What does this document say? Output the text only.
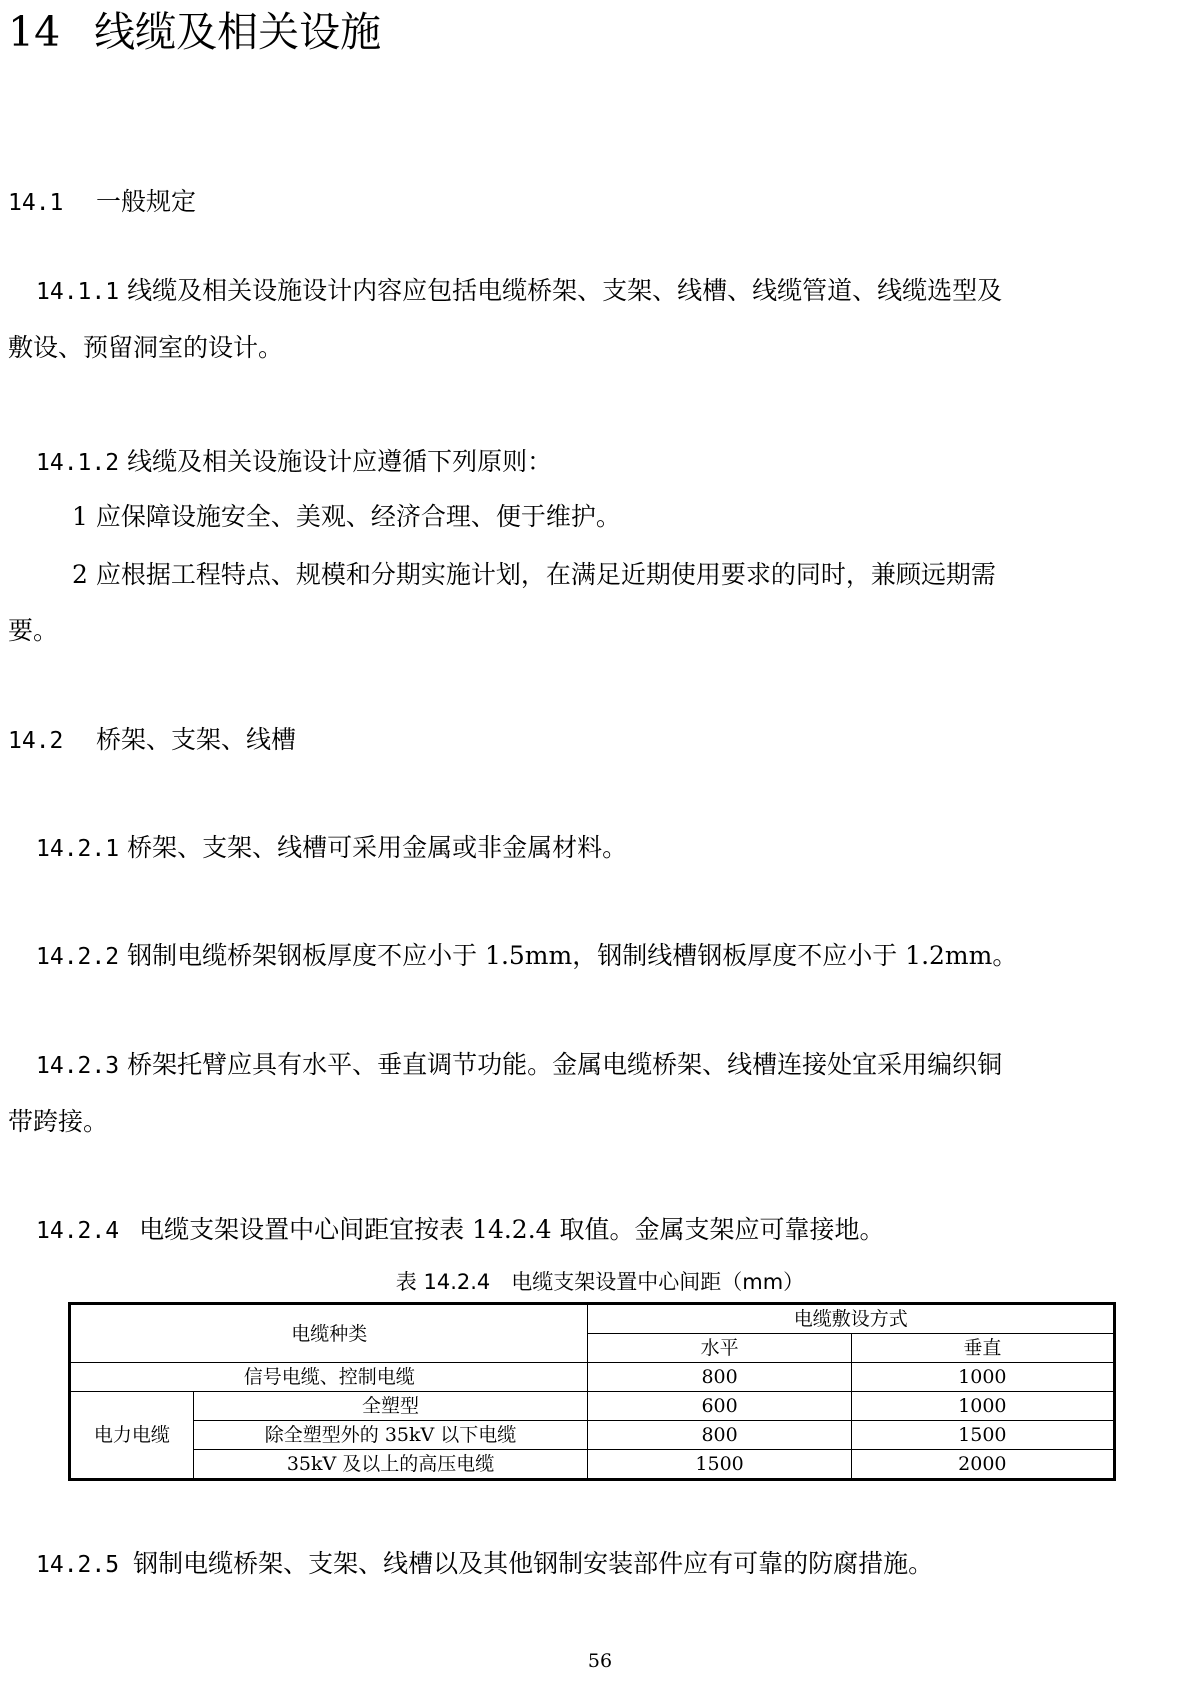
14 线缆及相关设施
14.1 一般规定
14.1.1 线缆及相关设施设计内容应包括电缆桥架、支架、线槽、线缆管道、线缆选型及
敷设、预留洞室的设计。
14.1.2 线缆及相关设施设计应遵循下列原则：
1 应保障设施安全、美观、经济合理、便于维护。
2 应根据工程特点、规模和分期实施计划，在满足近期使用要求的同时，兼顾远期需
要。
14.2 桥架、支架、线槽
14.2.1 桥架、支架、线槽可采用金属或非金属材料。
14.2.2 钢制电缆桥架钢板厚度不应小于 1.5mm，钢制线槽钢板厚度不应小于 1.2mm。
14.2.3 桥架托臂应具有水平、垂直调节功能。金属电缆桥架、线槽连接处宜采用编织铜
带跨接。
14.2.4 电缆支架设置中心间距宜按表 14.2.4 取值。金属支架应可靠接地。
表 14.2.4　电缆支架设置中心间距（mm）
电缆种类		电缆敷设方式	
		水平	垂直
信号电缆、控制电缆		800	1000
电力电缆	全塑型	600	1000
	除全塑型外的 35kV 以下电缆	800	1500
	35kV 及以上的高压电缆	1500	2000
14.2.5 钢制电缆桥架、支架、线槽以及其他钢制安装部件应有可靠的防腐措施。
56
